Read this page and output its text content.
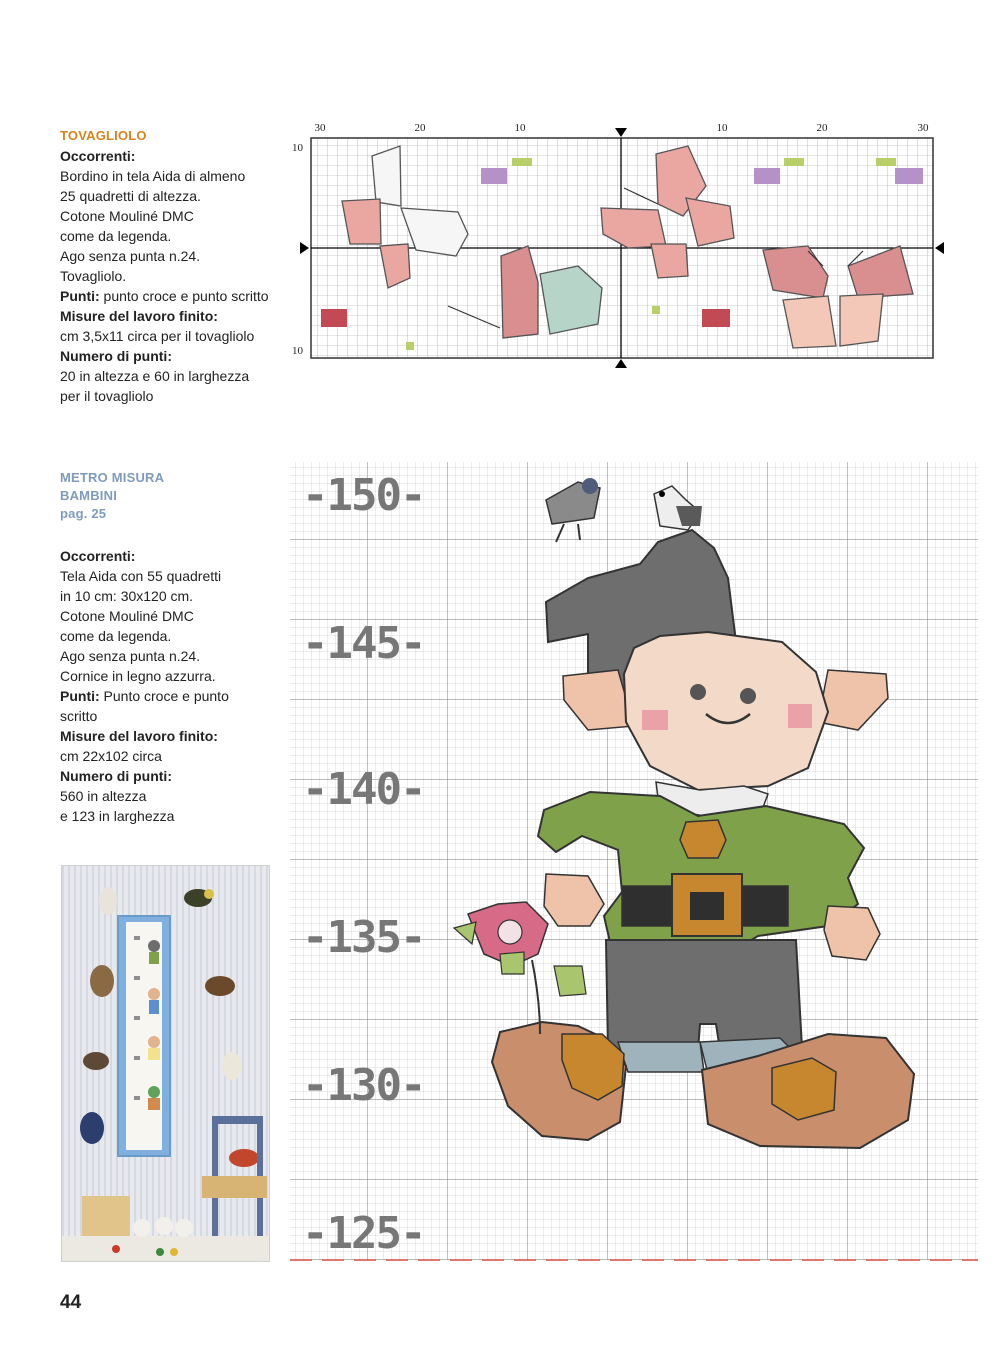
TOVAGLIOLO
Occorrenti:
Bordino in tela Aida di almeno
25 quadretti di altezza.
Cotone Mouliné DMC
come da legenda.
Ago senza punta n.24.
Tovagliolo.
Punti: punto croce e punto scritto
Misure del lavoro finito:
cm 3,5x11 circa per il tovagliolo
Numero di punti:
20 in altezza e 60 in larghezza
per il tovagliolo
METRO MISURA
BAMBINI
pag. 25
Occorrenti:
Tela Aida con 55 quadretti
in 10 cm: 30x120 cm.
Cotone Mouliné DMC
come da legenda.
Ago senza punta n.24.
Cornice in legno azzurra.
Punti: Punto croce e punto
scritto
Misure del lavoro finito:
cm 22x102 circa
Numero di punti:
560 in altezza
e 123 in larghezza
30	20	10	10	20	30
10
10
-150-
-145-
-140-
-135-
-130-
-125-
44
